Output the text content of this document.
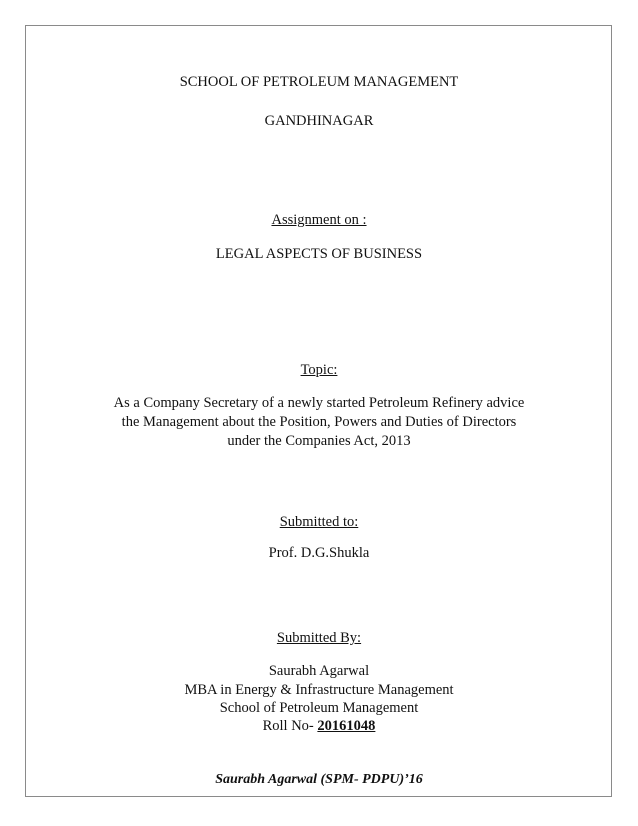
SCHOOL OF PETROLEUM MANAGEMENT
GANDHINAGAR
Assignment on :
LEGAL ASPECTS OF BUSINESS
Topic:
As a Company Secretary of a newly started Petroleum Refinery advice
the Management about the Position, Powers and Duties of Directors
under the Companies Act, 2013
Submitted to:
Prof. D.G.Shukla
Submitted By:
Saurabh Agarwal
MBA in Energy & Infrastructure Management
School of Petroleum Management
Roll No- 20161048
Saurabh Agarwal (SPM- PDPU)’16
